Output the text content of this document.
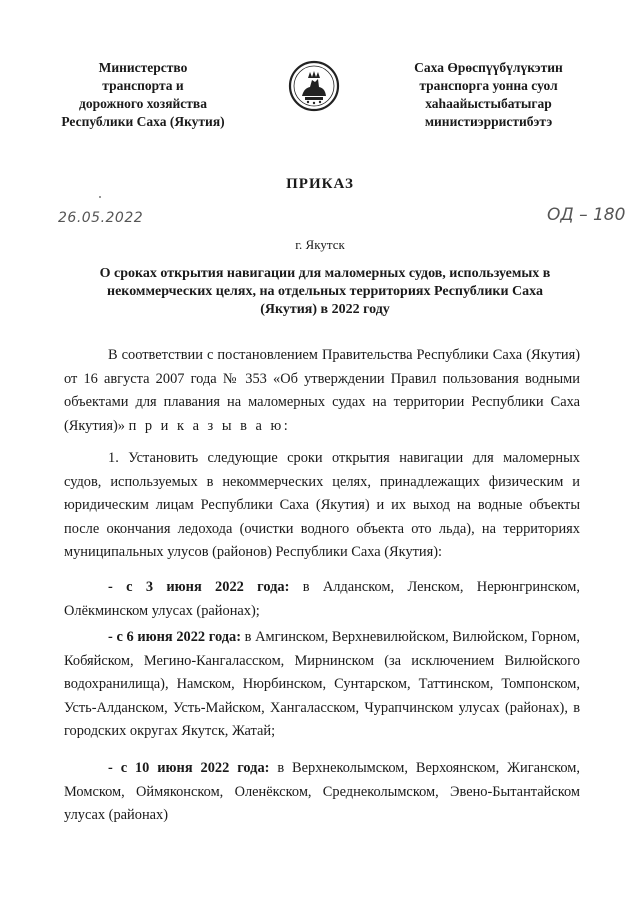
Министерство
транспорта и
дорожного хозяйства
Республики Саха (Якутия)
Саха Өрөспүүбүлүкэтин
транспорга уонна суол
хаһаайыстыбатыгар
министиэрристибэтэ
ПРИКАЗ
26.05.2022	ОД – 180
г. Якутск
О сроках открытия навигации для маломерных судов, используемых в
некоммерческих целях, на отдельных территориях Республики Саха
(Якутия) в 2022 году

В соответствии с постановлением Правительства Республики Саха (Якутия) от 16 августа 2007 года № 353 «Об утверждении Правил пользования водными объектами для плавания на маломерных судах на территории Республики Саха (Якутия)» п р и к а з ы в а ю:

1. Установить следующие сроки открытия навигации для маломерных судов, используемых в некоммерческих целях, принадлежащих физическим и юридическим лицам Республики Саха (Якутия) и их выход на водные объекты после окончания ледохода (очистки водного объекта ото льда), на территориях муниципальных улусов (районов) Республики Саха (Якутия):

- с 3 июня 2022 года: в Алданском, Ленском, Нерюнгринском, Олёкминском улусах (районах);

- с 6 июня 2022 года: в Амгинском, Верхневилюйском, Вилюйском, Горном, Кобяйском, Мегино-Кангаласском, Мирнинском (за исключением Вилюйского водохранилища), Намском, Нюрбинском, Сунтарском, Таттинском, Томпонском, Усть-Алданском, Усть-Майском, Хангаласском, Чурапчинском улусах (районах), в городских округах Якутск, Жатай;

- с 10 июня 2022 года: в Верхнеколымском, Верхоянском, Жиганском, Момском, Оймяконском, Оленёкском, Среднеколымском, Эвено-Бытантайском улусах (районах)
